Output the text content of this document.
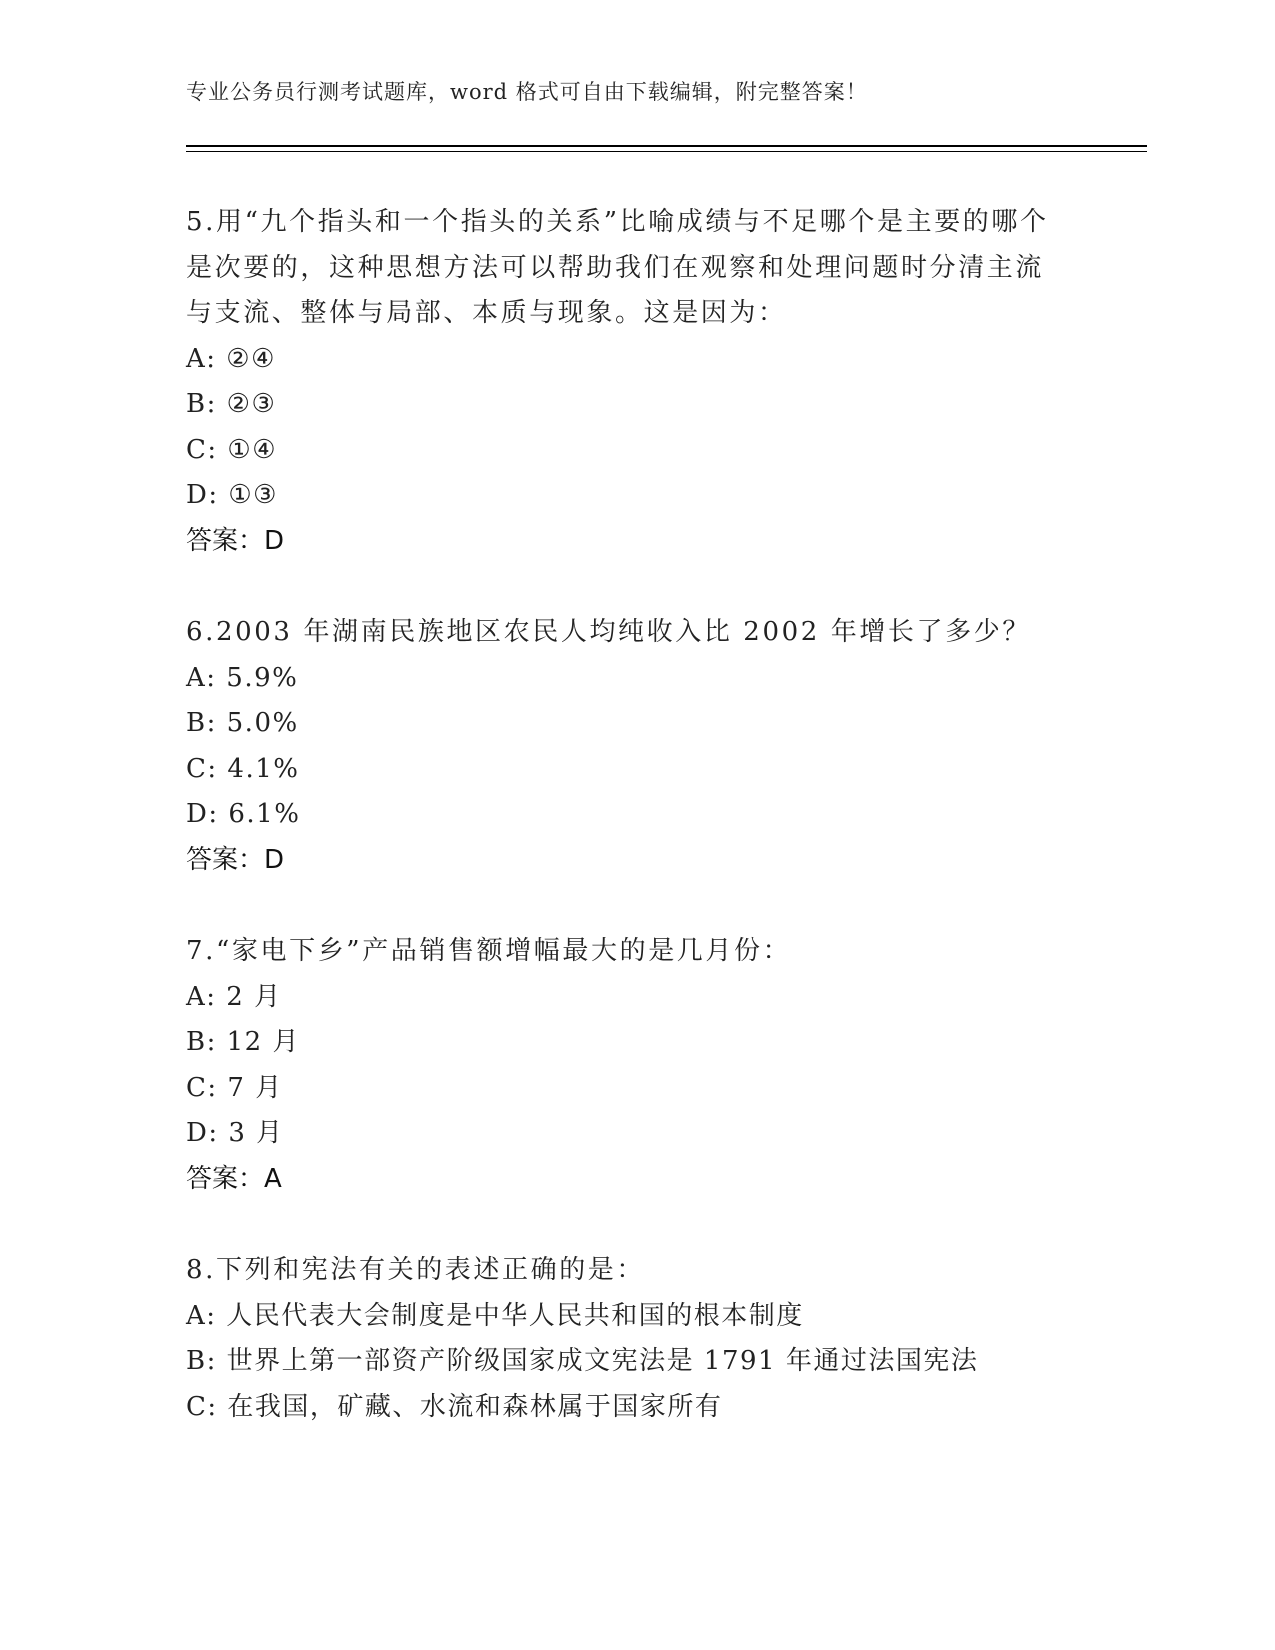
专业公务员行测考试题库，word 格式可自由下载编辑，附完整答案！

5.用“九个指头和一个指头的关系”比喻成绩与不足哪个是主要的哪个是次要的，这种思想方法可以帮助我们在观察和处理问题时分清主流与支流、整体与局部、本质与现象。这是因为：

A: ②④
B: ②③
C: ①④
D: ①③
答案：D

6.2003 年湖南民族地区农民人均纯收入比 2002 年增长了多少？

A: 5.9%
B: 5.0%
C: 4.1%
D: 6.1%
答案：D

7.“家电下乡”产品销售额增幅最大的是几月份：

A: 2 月
B: 12 月
C: 7 月
D: 3 月
答案：A

8.下列和宪法有关的表述正确的是：

A: 人民代表大会制度是中华人民共和国的根本制度
B: 世界上第一部资产阶级国家成文宪法是 1791 年通过法国宪法
C: 在我国，矿藏、水流和森林属于国家所有
